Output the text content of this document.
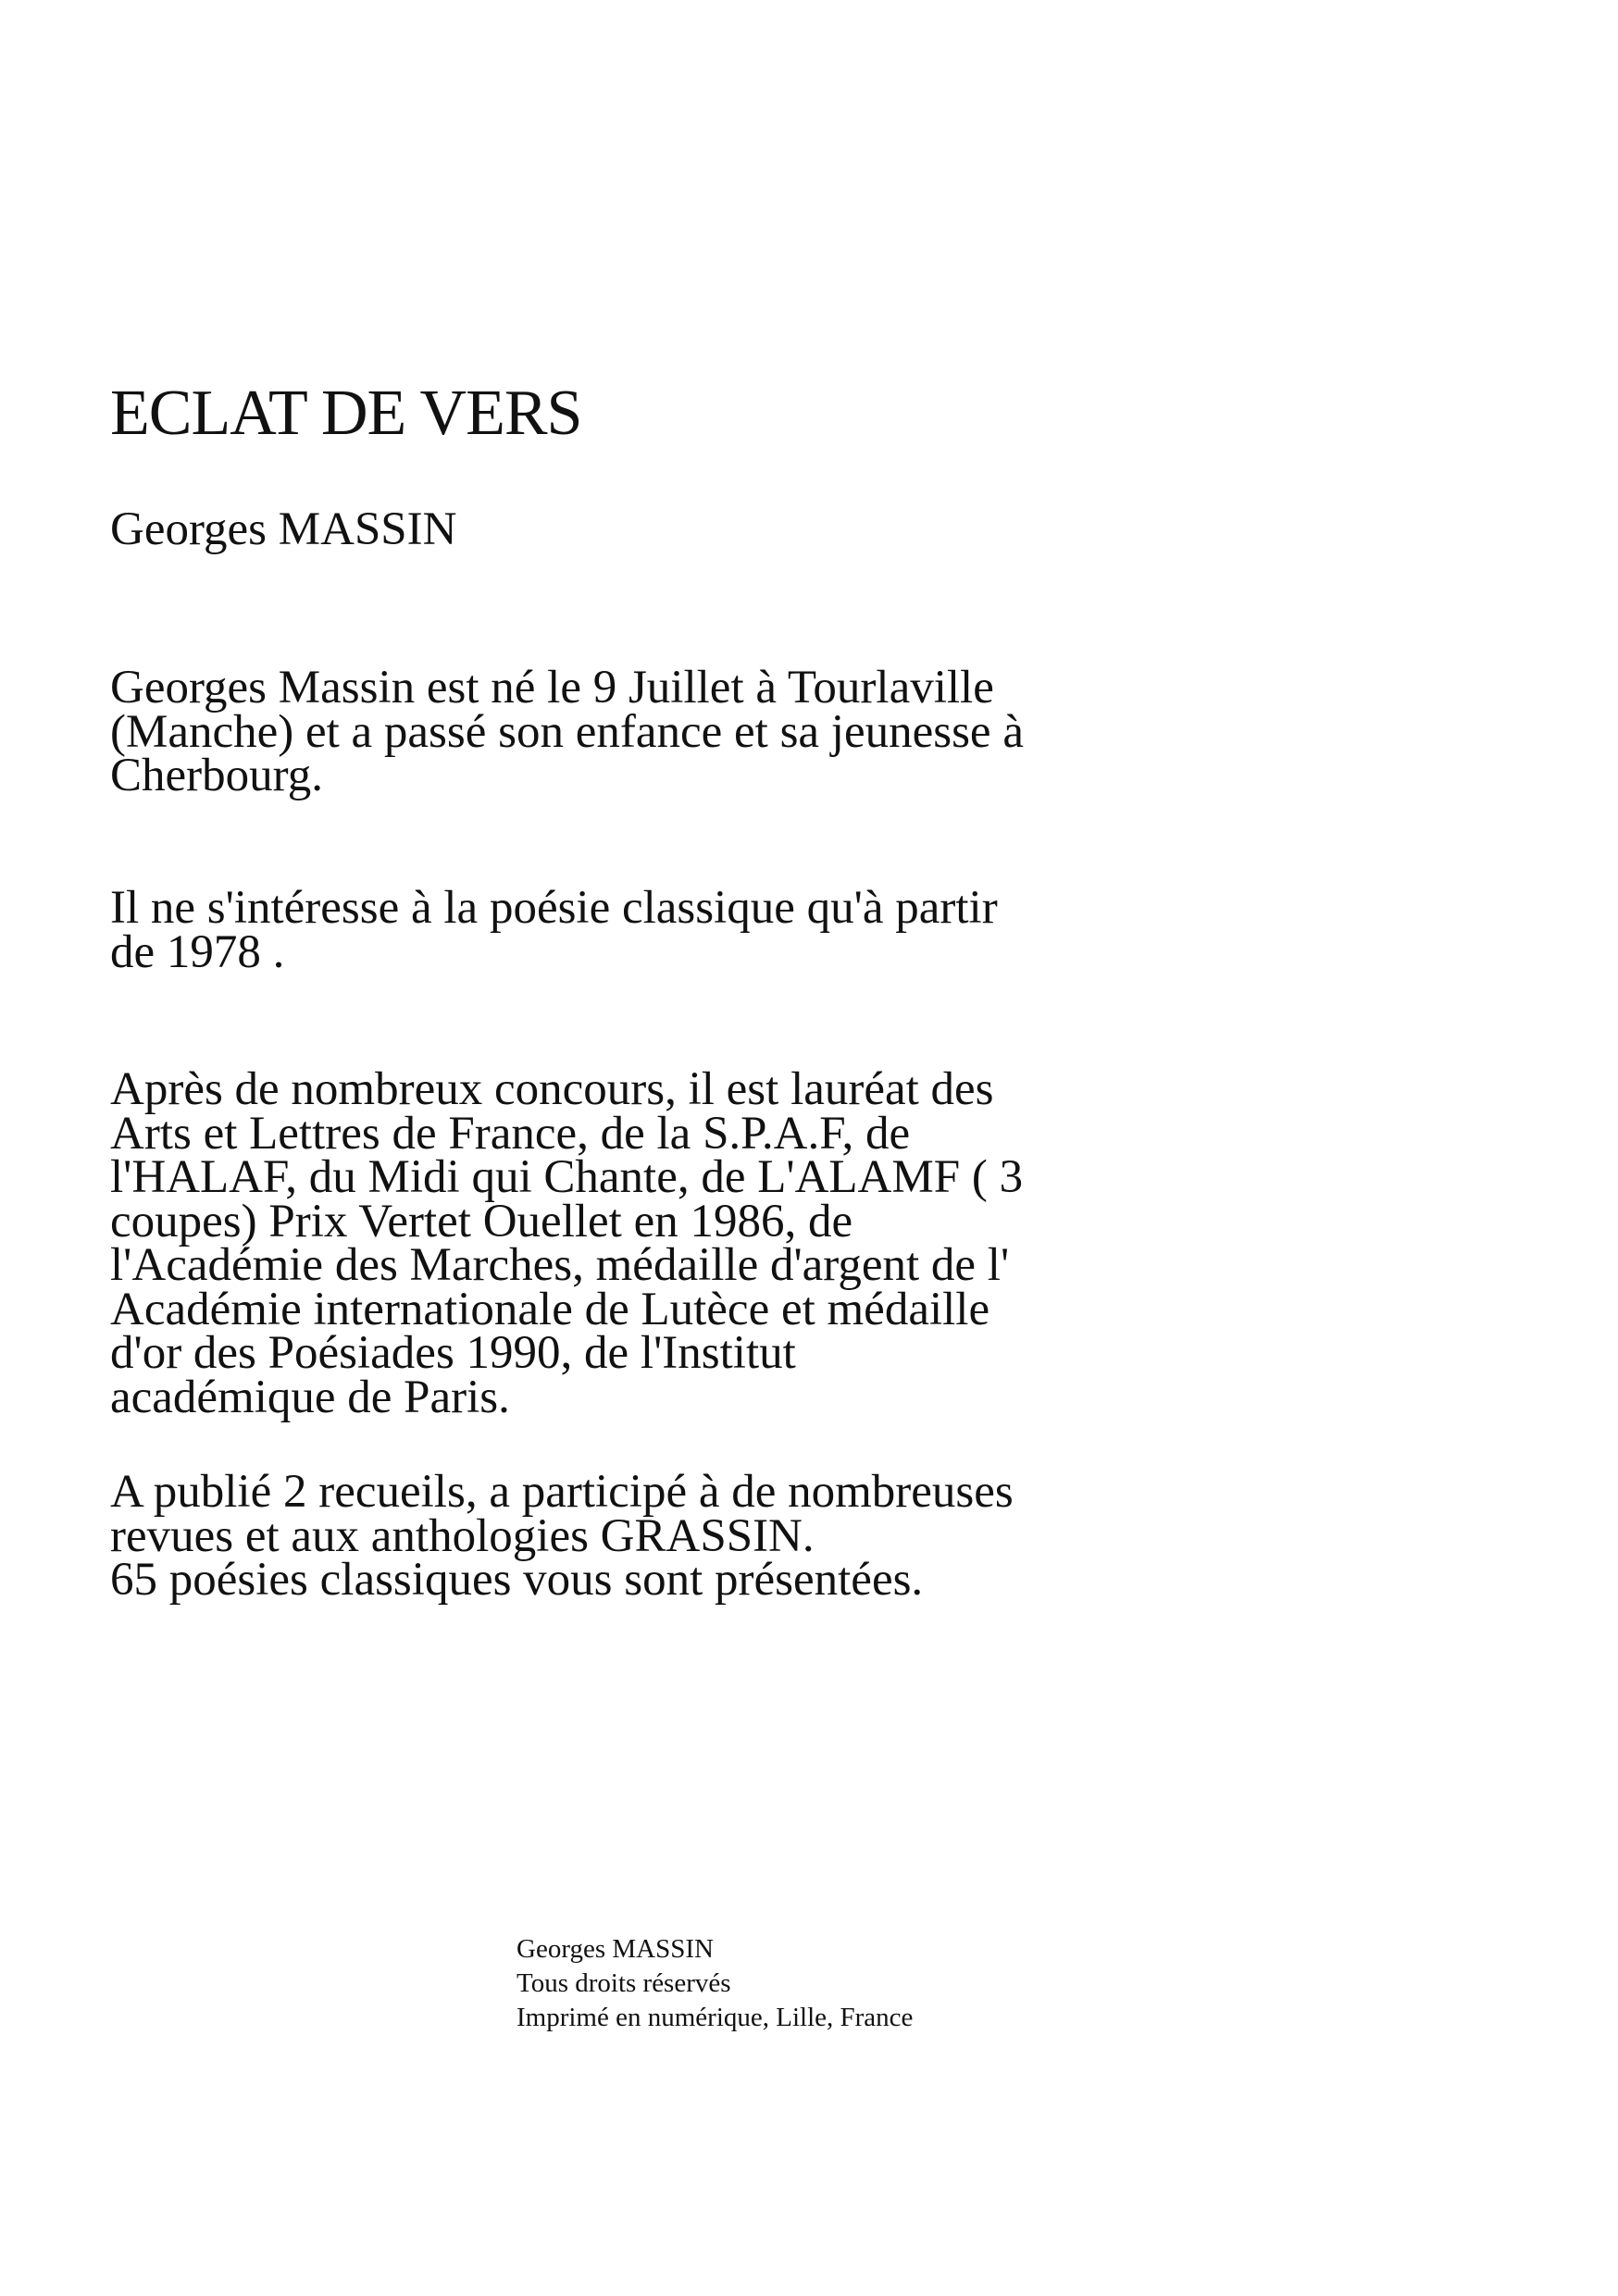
ECLAT DE VERS
Georges MASSIN

Georges Massin est né le 9 Juillet à Tourlaville
(Manche) et a passé son enfance et sa jeunesse à
Cherbourg.

Il ne s'intéresse à la poésie classique qu'à partir
de 1978 .

Après de nombreux concours, il est lauréat des
Arts et Lettres de France, de la S.P.A.F, de
l'HALAF, du Midi qui Chante, de L'ALAMF ( 3
coupes) Prix Vertet Ouellet en 1986, de
l'Académie des Marches, médaille d'argent de l'
Académie internationale de Lutèce et médaille
d'or des Poésiades 1990, de l'Institut
académique de Paris.

A publié 2 recueils, a participé à de nombreuses
revues et aux anthologies GRASSIN.
65 poésies classiques vous sont présentées.

Georges MASSIN
Tous droits réservés
Imprimé en numérique, Lille, France
